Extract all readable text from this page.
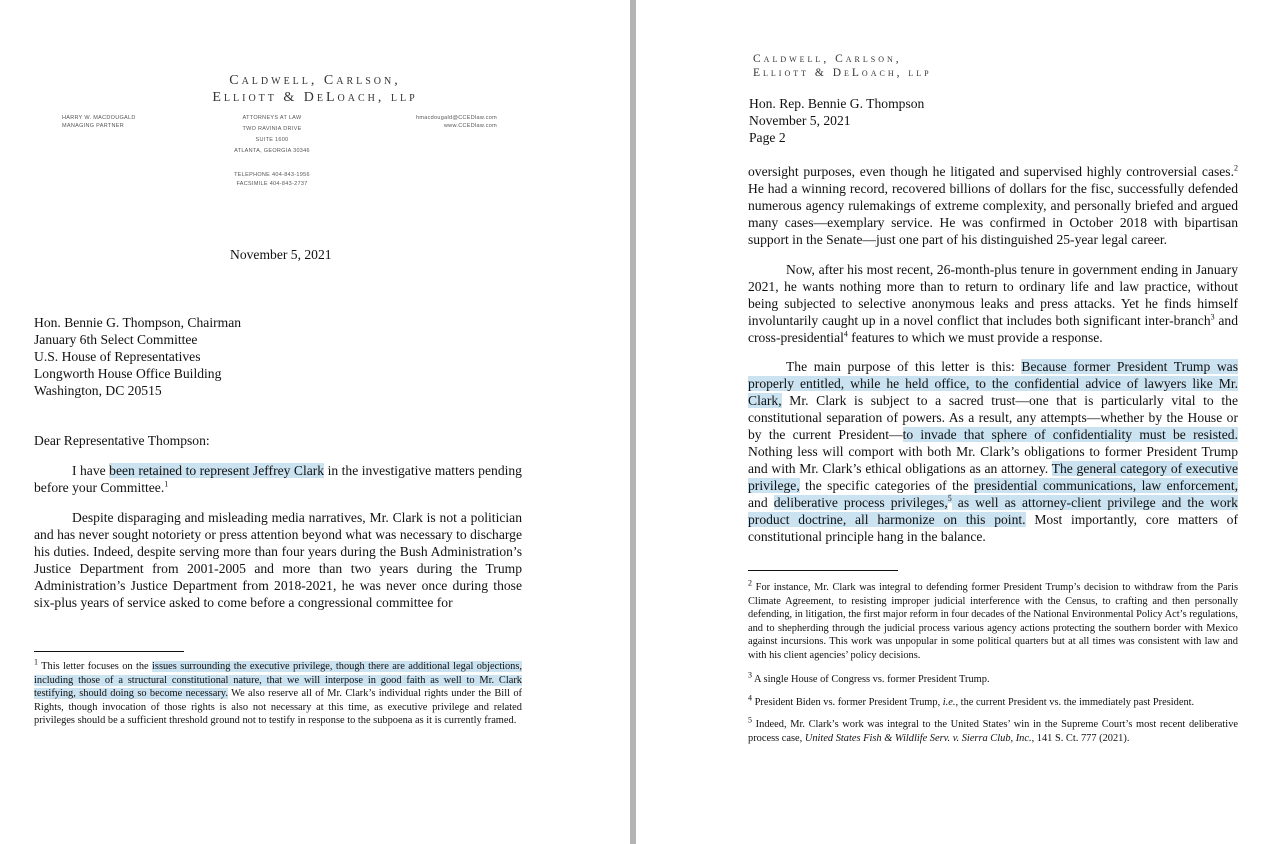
Caldwell, Carlson,
Elliott & DeLoach, llp
HARRY W. MACDOUGALD
MANAGING PARTNER
ATTORNEYS AT LAW
TWO RAVINIA DRIVE
SUITE 1600
ATLANTA, GEORGIA 30346
hmacdougald@CCEDlaw.com
www.CCEDlaw.com
TELEPHONE 404-843-1956
FACSIMILE 404-843-2737
November 5, 2021
Hon. Bennie G. Thompson, Chairman
January 6th Select Committee
U.S. House of Representatives
Longworth House Office Building
Washington, DC 20515
Dear Representative Thompson:

I have been retained to represent Jeffrey Clark in the investigative matters pending before your Committee.$^1$

Despite disparaging and misleading media narratives, Mr. Clark is not a politician and has never sought notoriety or press attention beyond what was necessary to discharge his duties. Indeed, despite serving more than four years during the Bush Administration’s Justice Department from 2001-2005 and more than two years during the Trump Administration’s Justice Department from 2018-2021, he was never once during those six-plus years of service asked to come before a congressional committee for

$^1$ This letter focuses on the issues surrounding the executive privilege, though there are additional legal objections, including those of a structural constitutional nature, that we will interpose in good faith as well to Mr. Clark testifying, should doing so become necessary. We also reserve all of Mr. Clark’s individual rights under the Bill of Rights, though invocation of those rights is also not necessary at this time, as executive privilege and related privileges should be a sufficient threshold ground not to testify in response to the subpoena as it is currently framed.

Caldwell, Carlson,
Elliott & DeLoach, llp
Hon. Rep. Bennie G. Thompson
November 5, 2021
Page 2

oversight purposes, even though he litigated and supervised highly controversial cases.$^2$ He had a winning record, recovered billions of dollars for the fisc, successfully defended numerous agency rulemakings of extreme complexity, and personally briefed and argued many cases—exemplary service. He was confirmed in October 2018 with bipartisan support in the Senate—just one part of his distinguished 25-year legal career.

Now, after his most recent, 26-month-plus tenure in government ending in January 2021, he wants nothing more than to return to ordinary life and law practice, without being subjected to selective anonymous leaks and press attacks. Yet he finds himself involuntarily caught up in a novel conflict that includes both significant inter-branch$^3$ and cross-presidential$^4$ features to which we must provide a response.

The main purpose of this letter is this: Because former President Trump was properly entitled, while he held office, to the confidential advice of lawyers like Mr. Clark, Mr. Clark is subject to a sacred trust—one that is particularly vital to the constitutional separation of powers. As a result, any attempts—whether by the House or by the current President—to invade that sphere of confidentiality must be resisted. Nothing less will comport with both Mr. Clark’s obligations to former President Trump and with Mr. Clark’s ethical obligations as an attorney. The general category of executive privilege, the specific categories of the presidential communications, law enforcement, and deliberative process privileges,$^5$ as well as attorney-client privilege and the work product doctrine, all harmonize on this point. Most importantly, core matters of constitutional principle hang in the balance.

$^2$ For instance, Mr. Clark was integral to defending former President Trump’s decision to withdraw from the Paris Climate Agreement, to resisting improper judicial interference with the Census, to crafting and then personally defending, in litigation, the first major reform in four decades of the National Environmental Policy Act’s regulations, and to shepherding through the judicial process various agency actions protecting the southern border with Mexico against incursions. This work was unpopular in some political quarters but at all times was consistent with law and with his client agencies’ policy decisions.

$^3$ A single House of Congress vs. former President Trump.

$^4$ President Biden vs. former President Trump, i.e., the current President vs. the immediately past President.

$^5$ Indeed, Mr. Clark’s work was integral to the United States’ win in the Supreme Court’s most recent deliberative process case, United States Fish & Wildlife Serv. v. Sierra Club, Inc., 141 S. Ct. 777 (2021).
